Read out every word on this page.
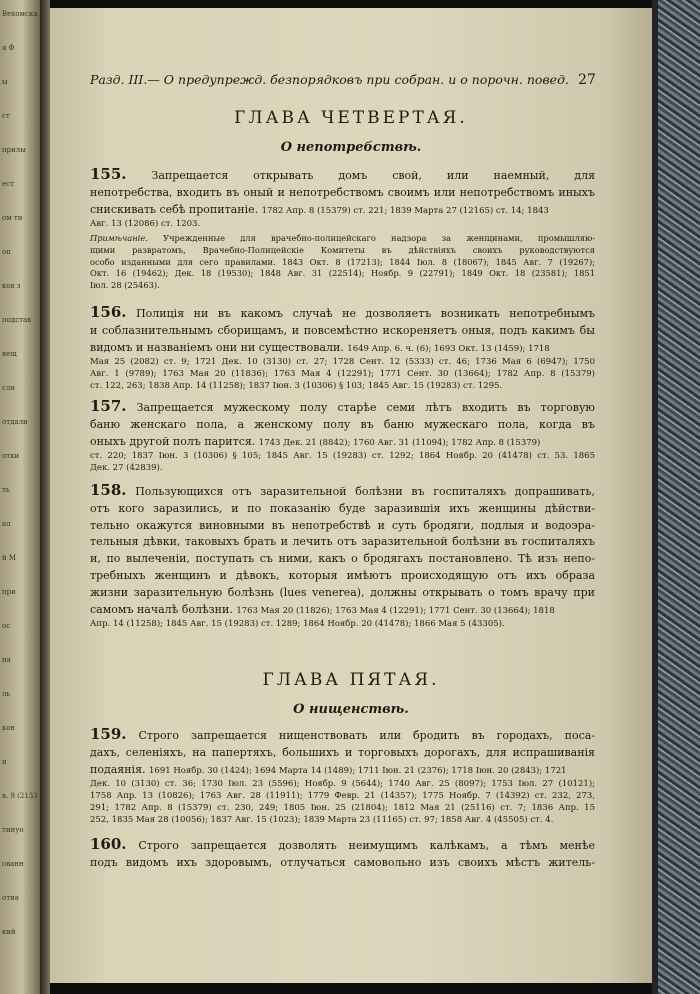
Вехомска
я Ф
ы
ст
прилы
ест
ом ти
оп
ков з
подстав
вещ
сли
отдали
отки
ть
ал
й М
при
ос
на
ль
ков
н
в. 9 (2133
тинуо
ованн
отна
кий
Разд. III.— О предупрежд. безпорядковъ при собран. и о порочн. повед. 27
ГЛАВА ЧЕТВЕРТАЯ.
О непотребствѣ.
155. Запрещается открывать домъ свой, или наемный, для
непотребства, входить въ оный и непотребствомъ своимъ или непотребствомъ иныхъ
снискивать себѣ пропитаніе. 1782 Апр. 8 (15379) ст. 221; 1839 Марта 27 (12165) ст. 14; 1843
Авг. 13 (12086) ст. 1203.
Примѣчаніе. Учрежденные для врачебно-полицейскаго надзора за женщинами, промышляю-
щими развратомъ, Врачебно-Полицейскіе Комитеты въ дѣйствіяхъ своихъ руководствуются
особо изданными для сего правилами. 1843 Окт. 8 (17213); 1844 Іюл. 8 (18067); 1845 Авг. 7 (19267);
Окт. 16 (19462); Дек. 18 (19530); 1848 Авг. 31 (22514); Ноябр. 9 (22791); 1849 Окт. 18 (23581); 1851
Іюл. 28 (25463).
156. Полиція ни въ какомъ случаѣ не дозволяетъ возникать непотребнымъ
и соблазнительнымъ сборищамъ, и повсемѣстно искореняетъ оныя, подъ какимъ бы
видомъ и названіемъ они ни существовали. 1649 Апр. 6. ч. (6); 1693 Окт. 13 (1459); 1718
Мая 25 (2082) ст. 9; 1721 Дек. 10 (3130) ст. 27; 1728 Сент. 12 (5333) ст. 46; 1736 Мая 6 (6947); 1750
Авг. 1 (9789); 1763 Мая 20 (11836); 1763 Мая 4 (12291); 1771 Сент. 30 (13664); 1782 Апр. 8 (15379)
ст. 122, 263; 1838 Апр. 14 (11258); 1837 Іюн. 3 (10306) § 103; 1845 Авг. 15 (19283) ст. 1295.
157. Запрещается мужескому полу старѣе семи лѣтъ входить въ торговую
баню женскаго пола, а женскому полу въ баню мужескаго пола, когда въ
оныхъ другой полъ парится. 1743 Дек. 21 (8842); 1760 Авг. 31 (11094); 1782 Апр. 8 (15379)
ст. 220; 1837 Іюн. 3 (10306) § 105; 1845 Авг. 15 (19283) ст. 1292; 1864 Ноябр. 20 (41478) ст. 53. 1865
Дек. 27 (42839).
158. Пользующихся отъ заразительной болѣзни въ госпиталяхъ допрашивать,
отъ кого заразились, и по показанію буде заразившія ихъ женщины дѣйстви-
тельно окажутся виновными въ непотребствѣ и суть бродяги, подлыя и водоэра-
тельныя дѣвки, таковыхъ брать и лечить отъ заразительной болѣзни въ госпиталяхъ
и, по вылеченіи, поступать съ ними, какъ о бродягахъ постановлено. Тѣ изъ непо-
требныхъ женщинъ и дѣвокъ, которыя имѣютъ происходящую отъ ихъ образа
жизни заразительную болѣзнь (lues venerea), должны открывать о томъ врачу при
самомъ началѣ болѣзни. 1763 Мая 20 (11826); 1763 Мая 4 (12291); 1771 Сент. 30 (13664); 1818
Апр. 14 (11258); 1845 Авг. 15 (19283) ст. 1289; 1864 Ноябр. 20 (41478); 1866 Мая 5 (43305).
ГЛАВА ПЯТАЯ.
О нищенствѣ.
159. Строго запрещается нищенствовать или бродить въ городахъ, поса-
дахъ, селеніяхъ, на папертяхъ, большихъ и торговыхъ дорогахъ, для испрашиванія
подаянія. 1691 Ноябр. 30 (1424); 1694 Марта 14 (1489); 1711 Іюн. 21 (2376); 1718 Іюн. 20 (2843); 1721
Дек. 10 (3130) ст. 36; 1730 Іюл. 23 (5596); Ноябр. 9 (5644); 1740 Авг. 25 (8097); 1753 Іюл. 27 (10121);
1758 Апр. 13 (10826); 1763 Авг. 28 (11911); 1779 Февр. 21 (14357); 1775 Ноябр. 7 (14392) ст. 232, 273,
291; 1782 Апр. 8 (15379) ст. 230, 249; 1805 Іюн. 25 (21804); 1812 Мая 21 (25116) ст. 7; 1836 Апр. 15
252, 1835 Мая 28 (10056); 1837 Авг. 15 (1023); 1839 Марта 23 (11165) ст. 97; 1858 Авг. 4 (45505) ст. 4.
160. Строго запрещается дозволять неимущимъ калѣкамъ, а тѣмъ менѣе
подъ видомъ ихъ здоровымъ, отлучаться самовольно изъ своихъ мѣстъ житель-
